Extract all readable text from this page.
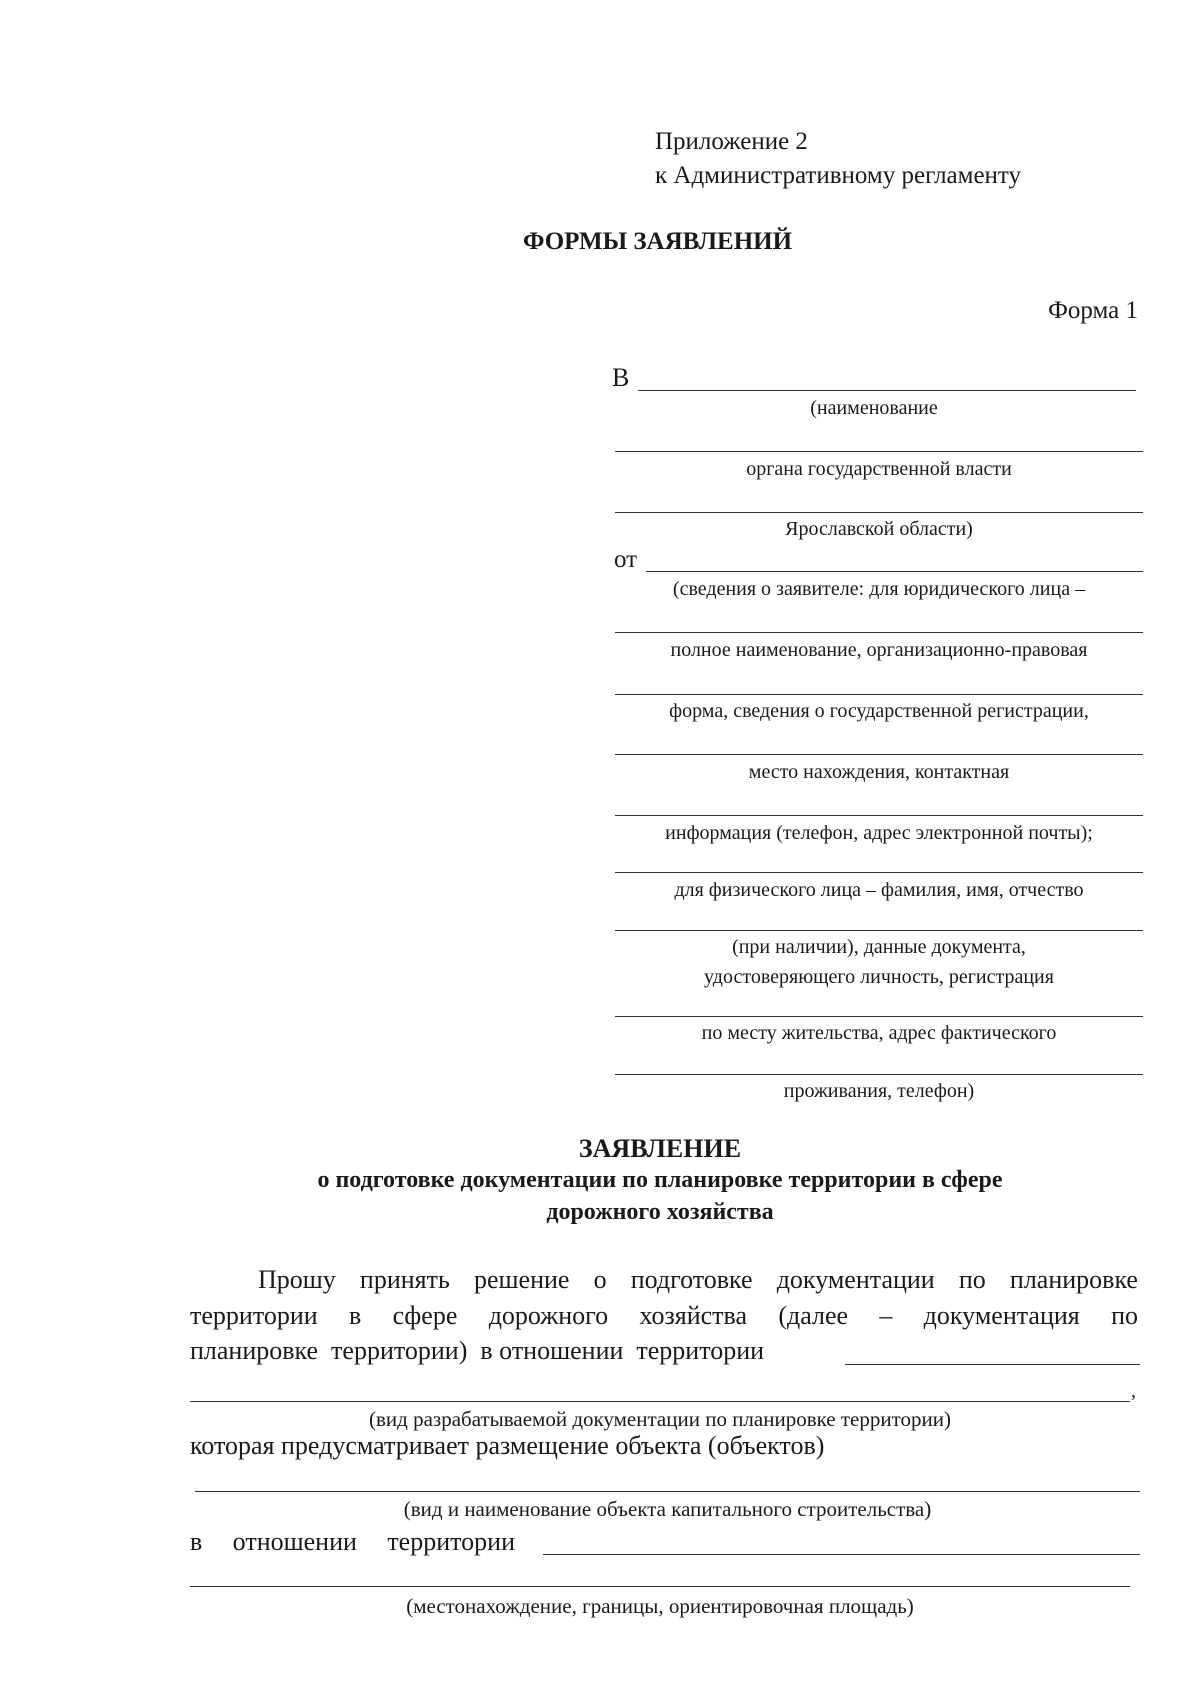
Приложение 2
к Административному регламенту
ФОРМЫ ЗАЯВЛЕНИЙ
Форма 1
В
(наименование
органа государственной власти
Ярославской области)
от
(сведения о заявителе: для юридического лица –
полное наименование, организационно-правовая
форма, сведения о государственной регистрации,
место нахождения, контактная
информация (телефон, адрес электронной почты);
для физического лица – фамилия, имя, отчество
(при наличии), данные документа,
удостоверяющего личность, регистрация
по месту жительства, адрес фактического
проживания, телефон)
ЗАЯВЛЕНИЕ
о подготовке документации по планировке территории в сфере
дорожного хозяйства
Прошу принять решение о подготовке документации по планировке
территории в сфере дорожного хозяйства (далее – документация по
планировке  территории)  в отношении  территории
,
(вид разрабатываемой документации по планировке территории)
которая предусматривает размещение объекта (объектов)
(вид и наименование объекта капитального строительства)
в отношении территории
(местонахождение, границы, ориентировочная площадь)
